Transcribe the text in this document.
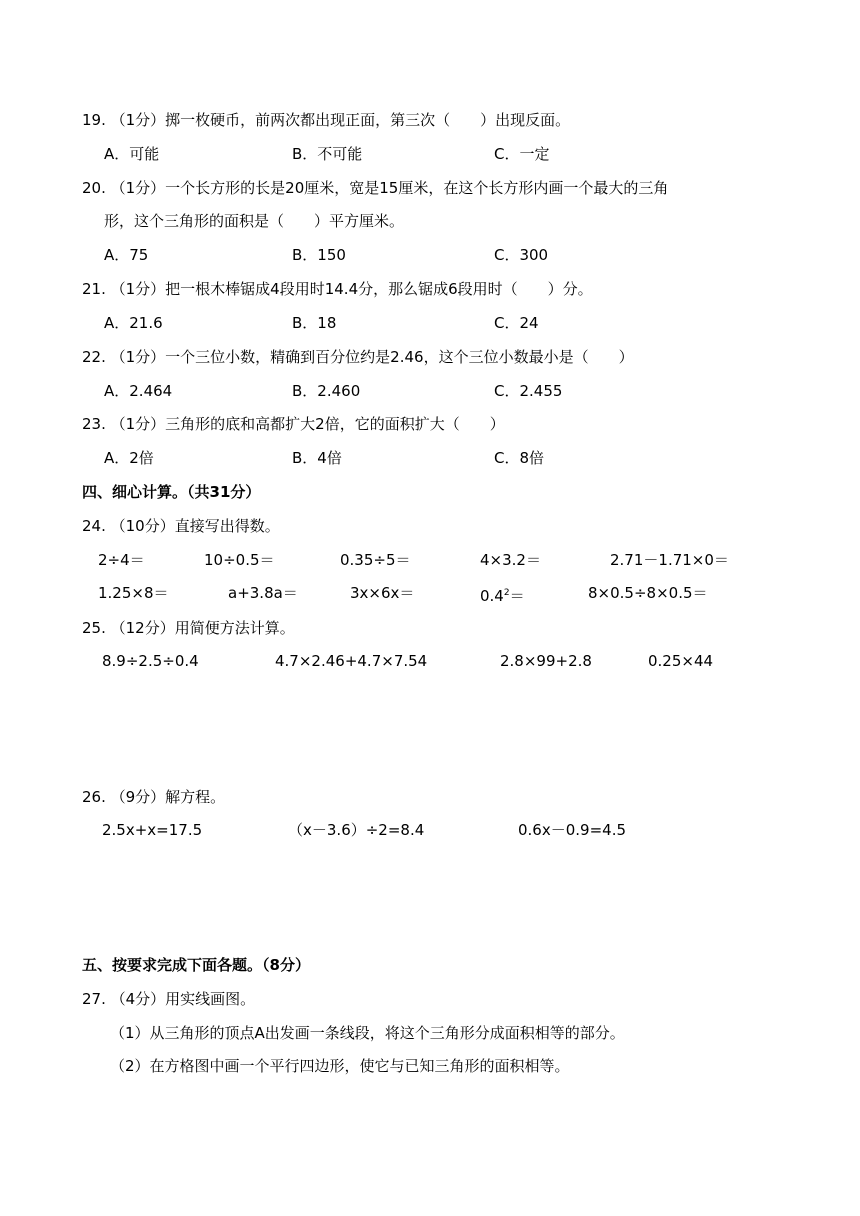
19. （1分）掷一枚硬币，前两次都出现正面，第三次（　　）出现反面。
A．可能	B．不可能	C．一定
20. （1分）一个长方形的长是20厘米，宽是15厘米，在这个长方形内画一个最大的三角
形，这个三角形的面积是（　　）平方厘米。
A．75	B．150	C．300
21. （1分）把一根木棒锯成4段用时14.4分，那么锯成6段用时（　　）分。
A．21.6	B．18	C．24
22. （1分）一个三位小数，精确到百分位约是2.46，这个三位小数最小是（　　）
A．2.464	B．2.460	C．2.455
23. （1分）三角形的底和高都扩大2倍，它的面积扩大（　　）
A．2倍	B．4倍	C．8倍
四、细心计算。（共31分）
24. （10分）直接写出得数。
2÷4＝	10÷0.5＝	0.35÷5＝	4×3.2＝	2.71－1.71×0＝
1.25×8＝	a+3.8a＝	3x×6x＝	$0.4^2=$	8×0.5÷8×0.5＝
25. （12分）用简便方法计算。
8.9÷2.5÷0.4	4.7×2.46+4.7×7.54	2.8×99+2.8	0.25×44
26. （9分）解方程。
2.5x+x=17.5	（x－3.6）÷2=8.4	0.6x－0.9=4.5
五、按要求完成下面各题。（8分）
27. （4分）用实线画图。
（1）从三角形的顶点A出发画一条线段，将这个三角形分成面积相等的部分。
（2）在方格图中画一个平行四边形，使它与已知三角形的面积相等。
